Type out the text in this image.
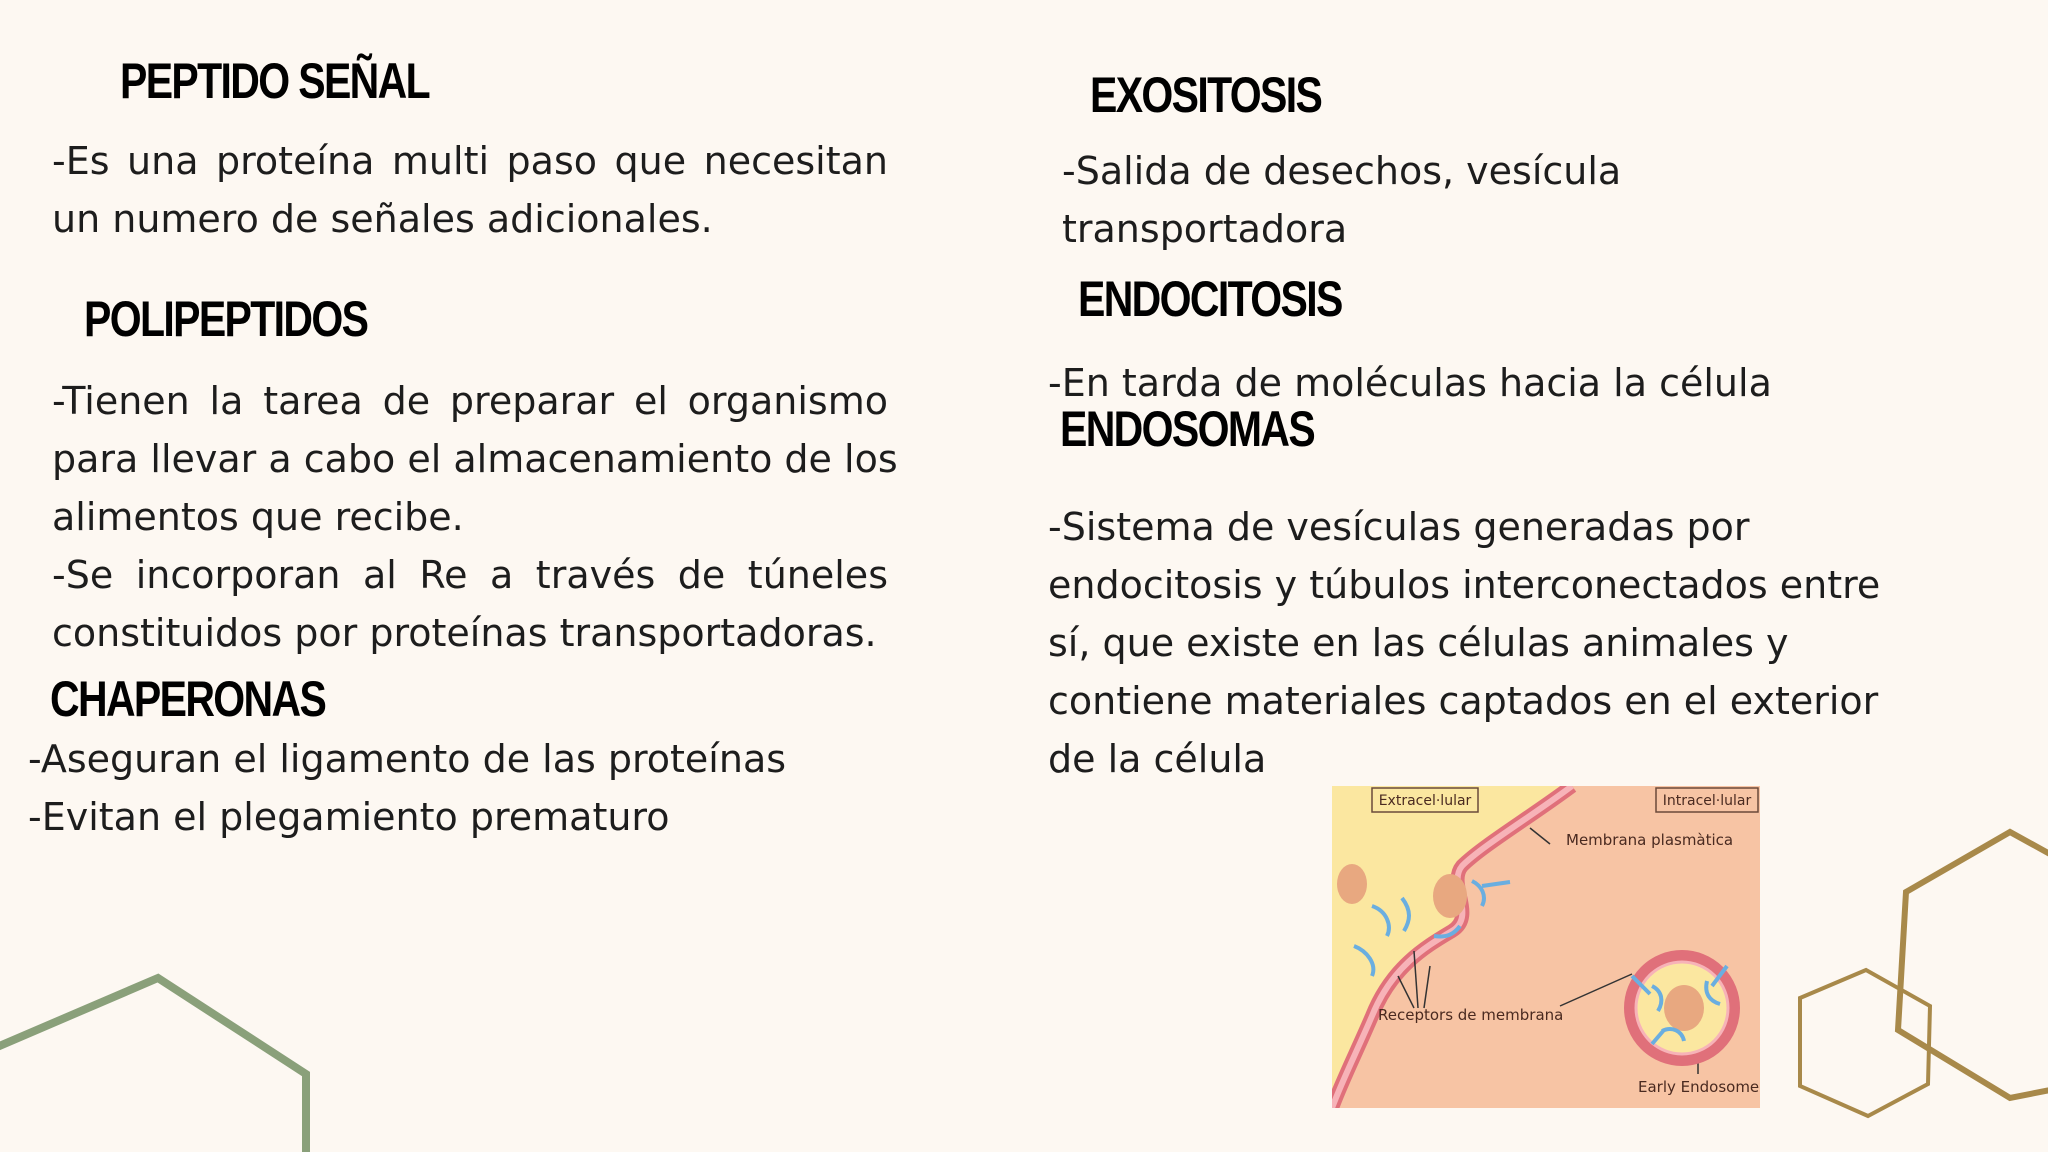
PEPTIDO SEÑAL
-Es una proteína multi paso que necesitan
un numero de señales adicionales.
POLIPEPTIDOS
-Tienen la tarea de preparar el organismo
para llevar a cabo el almacenamiento de los
alimentos que recibe.
-Se incorporan al Re a través de túneles
constituidos por proteínas transportadoras.
CHAPERONAS
-Aseguran el ligamento de las proteínas
-Evitan el plegamiento prematuro
EXOSITOSIS
-Salida de desechos, vesícula
transportadora
ENDOCITOSIS
-En tarda de moléculas hacia la célula
ENDOSOMAS
-Sistema de vesículas generadas por
endocitosis y túbulos interconectados entre
sí, que existe en las células animales y
contiene materiales captados en el exterior
de la célula
Extracel·lular	Intracel·lular
Membrana plasmàtica
Receptors de membrana
Early Endosome
